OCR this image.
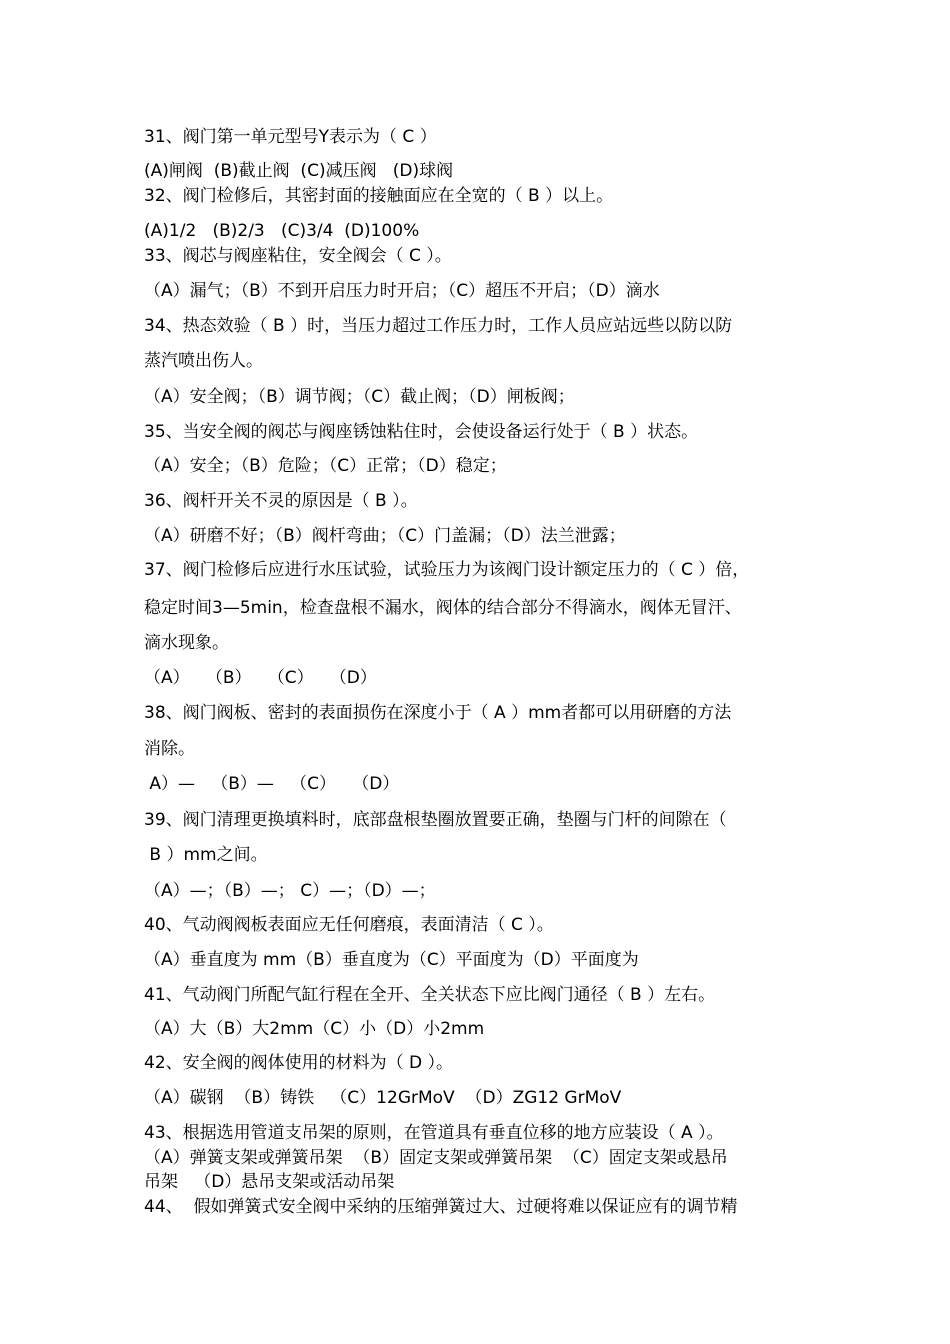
31、阀门第一单元型号Y表示为（ C ）
(A)闸阀  (B)截止阀  (C)减压阀   (D)球阀
32、阀门检修后，其密封面的接触面应在全宽的（ B ）以上。
(A)1/2   (B)2/3   (C)3/4  (D)100%
33、阀芯与阀座粘住，安全阀会（ C ）。
（A）漏气；（B）不到开启压力时开启；（C）超压不开启；（D）滴水
34、热态效验（ B ）时，当压力超过工作压力时，工作人员应站远些以防以防
蒸汽喷出伤人。
（A）安全阀；（B）调节阀；（C）截止阀；（D）闸板阀；
35、当安全阀的阀芯与阀座锈蚀粘住时，会使设备运行处于（ B ）状态。
（A）安全；（B）危险；（C）正常；（D）稳定；
36、阀杆开关不灵的原因是（ B ）。
（A）研磨不好；（B）阀杆弯曲；（C）门盖漏；（D）法兰泄露；
37、阀门检修后应进行水压试验，试验压力为该阀门设计额定压力的（ C ）倍，
稳定时间3—5min，检查盘根不漏水，阀体的结合部分不得滴水，阀体无冒汗、
滴水现象。
（A）   （B）   （C）   （D）
38、阀门阀板、密封的表面损伤在深度小于（ A ）mm者都可以用研磨的方法
消除。
A）—   （B）—   （C）   （D）
39、阀门清理更换填料时，底部盘根垫圈放置要正确，垫圈与门杆的间隙在（
B ）mm之间。
（A）—；（B）—； C）—；（D）—；
40、气动阀阀板表面应无任何磨痕，表面清洁（ C ）。
（A）垂直度为 mm（B）垂直度为（C）平面度为（D）平面度为
41、气动阀门所配气缸行程在全开、全关状态下应比阀门通径（ B ）左右。
（A）大（B）大2mm（C）小（D）小2mm
42、安全阀的阀体使用的材料为（ D ）。
（A）碳钢  （B）铸铁   （C）12GrMoV  （D）ZG12 GrMoV
43、根据选用管道支吊架的原则，在管道具有垂直位移的地方应装设（ A ）。
（A）弹簧支架或弹簧吊架  （B）固定支架或弹簧吊架  （C）固定支架或悬吊
吊架   （D）悬吊支架或活动吊架
44、  假如弹簧式安全阀中采纳的压缩弹簧过大、过硬将难以保证应有的调节精
